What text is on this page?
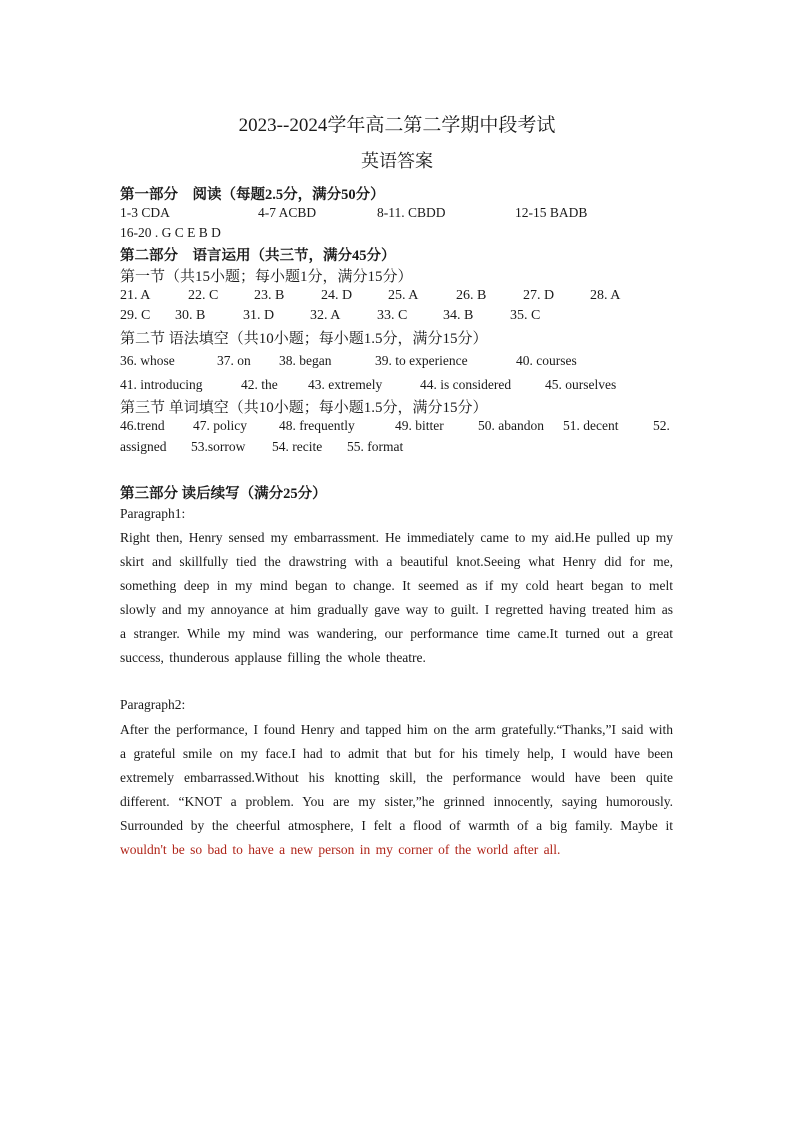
2023--2024学年高二第二学期中段考试
英语答案
第一部分　阅读（每题2.5分，满分50分）
1-3 CDA	4-7 ACBD	8-11. CBDD	12-15 BADB
16-20 . G C E B D
第二部分　语言运用（共三节，满分45分）
第一节（共15小题；每小题1分，满分15分）
21. A	22. C	23. B	24. D	25. A	26. B	27. D	28. A
29. C 30. B	31. D	32. A	33. C	34. B	35. C
第二节 语法填空（共10小题；每小题1.5分，满分15分）
36. whose	37. on 38. began	39. to experience	40. courses
41. introducing	42. the 43. extremely	44. is considered	45. ourselves
第三节 单词填空（共10小题；每小题1.5分，满分15分）
46.trend 47. policy 48. frequently	49. bitter	50. abandon 51. decent	52.
assigned 53.sorrow 54. recite 55. format
第三部分 读后续写（满分25分）
Paragraph1:
Right then, Henry sensed my embarrassment. He immediately came to my aid.He pulled up my skirt and skillfully tied the drawstring with a beautiful knot.Seeing what Henry did for me, something deep in my mind began to change. It seemed as if my cold heart began to melt slowly and my annoyance at him gradually gave way to guilt. I regretted having treated him as a stranger. While my mind was wandering, our performance time came.It turned out a great success, thunderous applause filling the whole theatre.
Paragraph2:
After the performance, I found Henry and tapped him on the arm gratefully.“Thanks,”I said with a grateful smile on my face.I had to admit that but for his timely help, I would have been extremely embarrassed.Without his knotting skill, the performance would have been quite different. “KNOT a problem. You are my sister,”he grinned innocently, saying humorously. Surrounded by the cheerful atmosphere, I felt a flood of warmth of a big family. Maybe it wouldn't be so bad to have a new person in my corner of the world after all.
